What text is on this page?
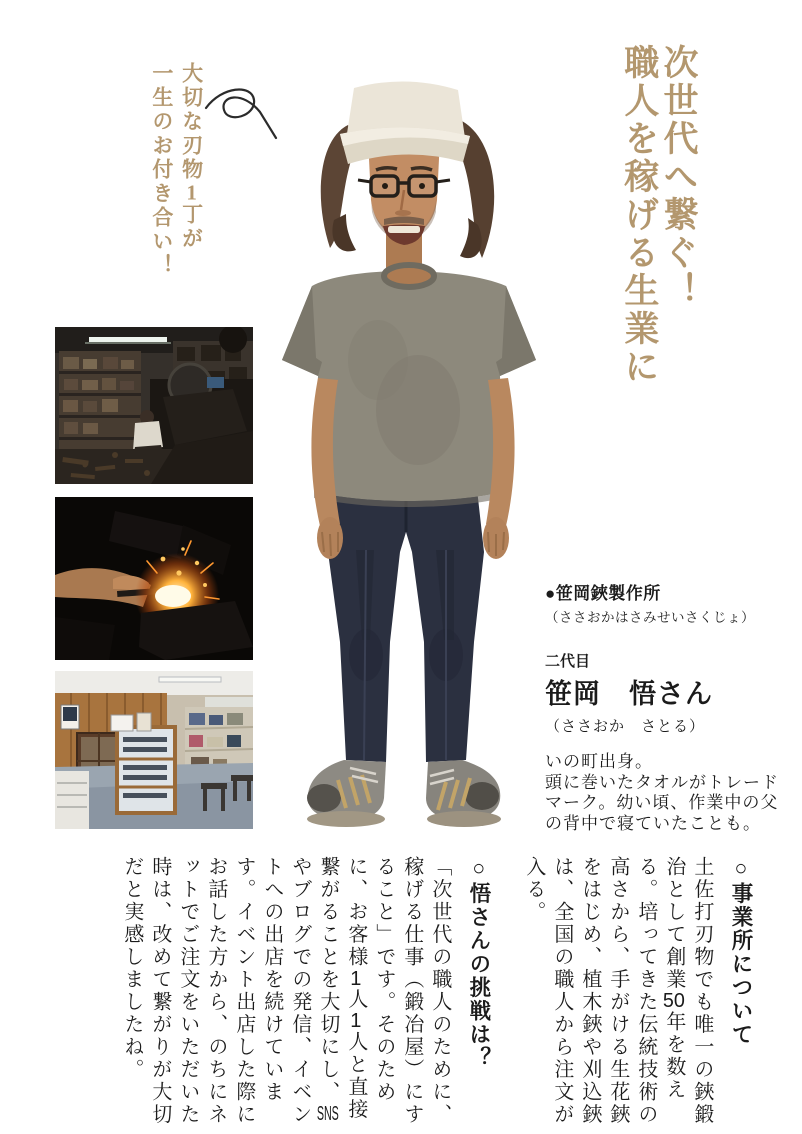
次世代へ繋ぐ！
職人を稼げる生業に
大切な刃物1丁が
一生のお付き合い！

●笹岡鋏製作所

（ささおかはさみせいさくじょ）

二代目

笹岡　悟さん

（ささおか　さとる）

いの町出身。

頭に巻いたタオルがトレードマーク。幼い頃、作業中の父の背中で寝ていたことも。

○事業所について

土佐打刃物でも唯一の鋏鍛治として創業50年を数える。培ってきた伝統技術の高さから、手がける生花鋏をはじめ、植木鋏や刈込鋏は、全国の職人から注文が入る。

○悟さんの挑戦は？

「次世代の職人のために、稼げる仕事（鍛冶屋）にすること」です。そのために、お客様1人1人と直接繋がることを大切にし、SNSやブログでの発信、イベントへの出店を続けています。イベント出店した際にお話した方から、のちにネットでご注文をいただいた時は、改めて繋がりが大切だと実感しましたね。
